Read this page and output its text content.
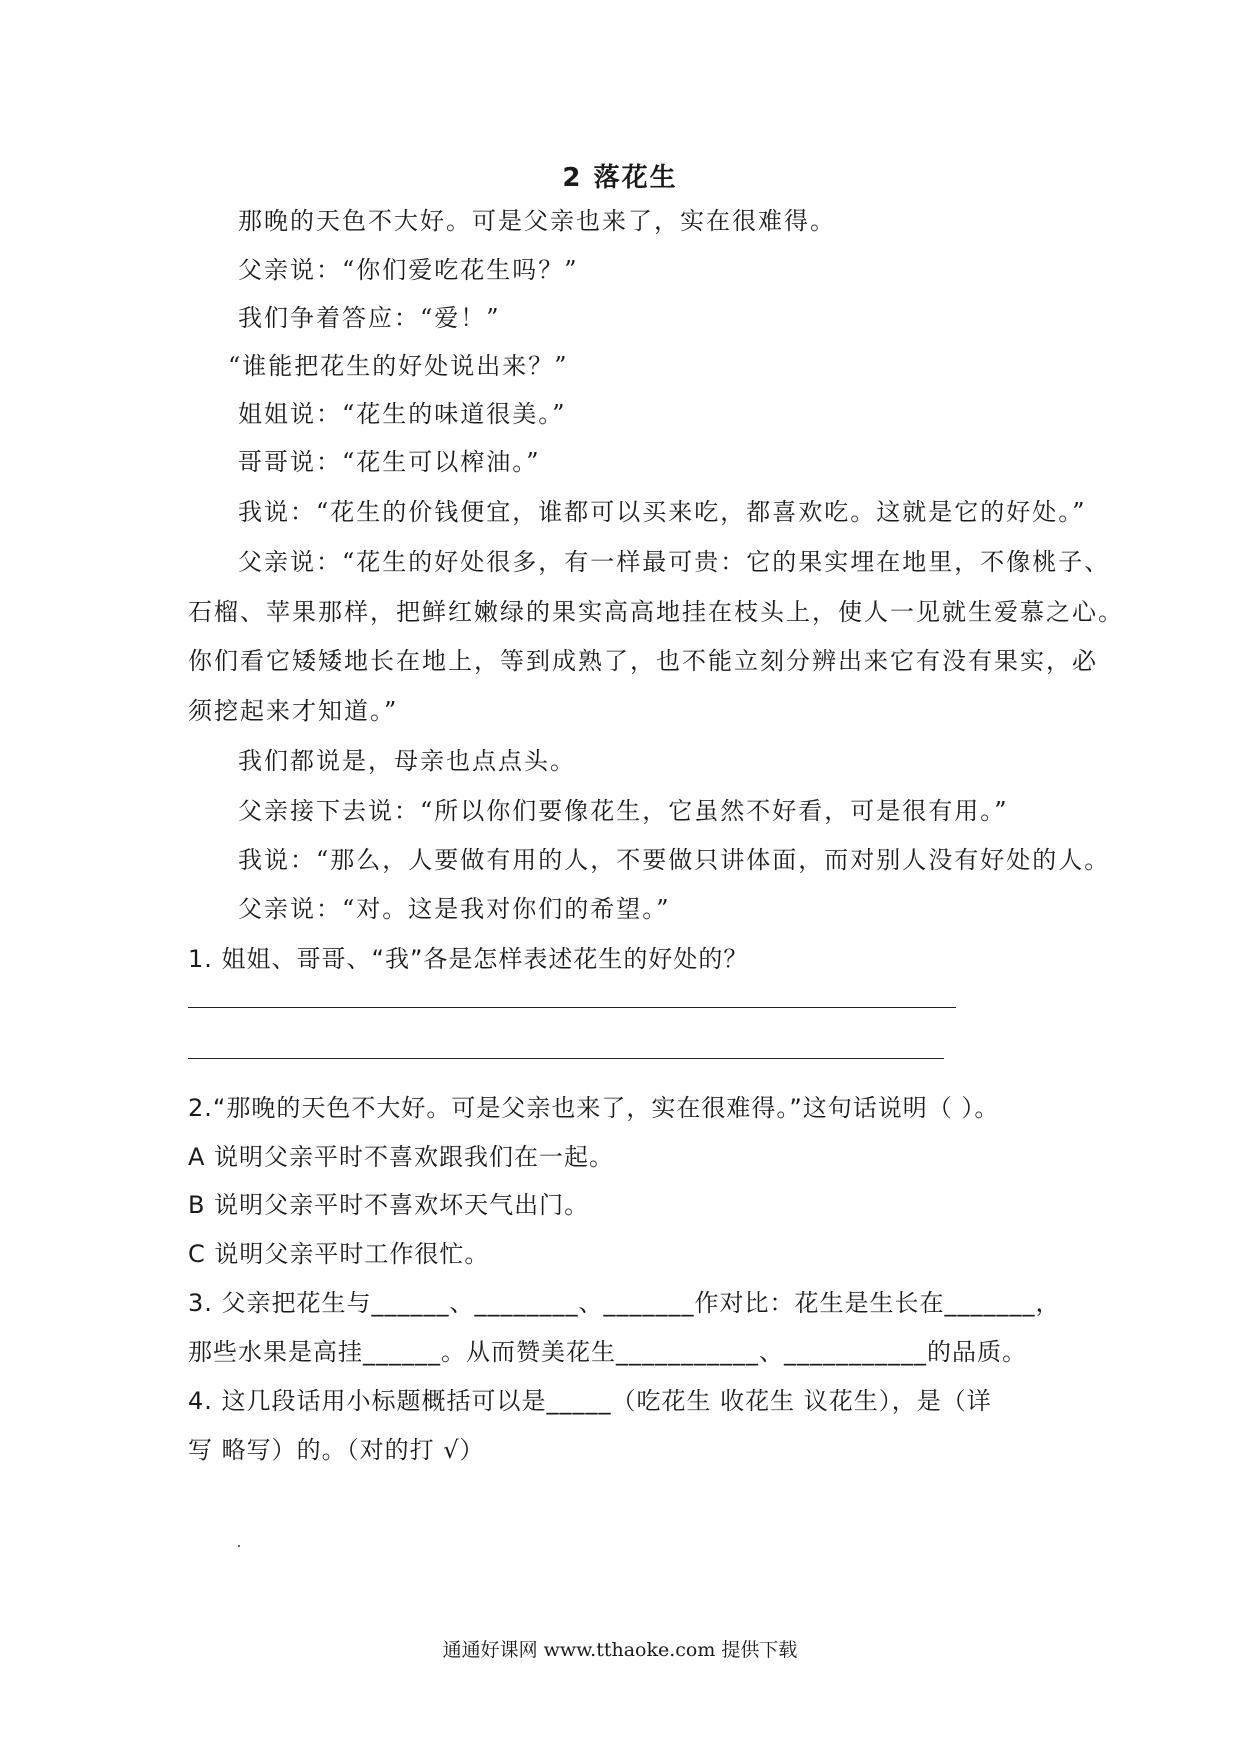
2 落花生
那晚的天色不大好。可是父亲也来了，实在很难得。
父亲说：“你们爱吃花生吗？”
我们争着答应：“爱！”
“谁能把花生的好处说出来？”
姐姐说：“花生的味道很美。”
哥哥说：“花生可以榨油。”
我说：“花生的价钱便宜，谁都可以买来吃，都喜欢吃。这就是它的好处。”
父亲说：“花生的好处很多，有一样最可贵：它的果实埋在地里，不像桃子、
石榴、苹果那样，把鲜红嫩绿的果实高高地挂在枝头上，使人一见就生爱慕之心。
你们看它矮矮地长在地上，等到成熟了，也不能立刻分辨出来它有没有果实，必
须挖起来才知道。”
我们都说是，母亲也点点头。
父亲接下去说：“所以你们要像花生，它虽然不好看，可是很有用。”
我说：“那么，人要做有用的人，不要做只讲体面，而对别人没有好处的人。
父亲说：“对。这是我对你们的希望。”
1. 姐姐、哥哥、“我”各是怎样表述花生的好处的？
2.“那晚的天色不大好。可是父亲也来了，实在很难得。”这句话说明（ ）。
A 说明父亲平时不喜欢跟我们在一起。
B 说明父亲平时不喜欢坏天气出门。
C 说明父亲平时工作很忙。
3. 父亲把花生与______、________、_______作对比：花生是生长在_______，
那些水果是高挂______。从而赞美花生___________、___________的品质。
4. 这几段话用小标题概括可以是_____（吃花生 收花生 议花生），是（详
写 略写）的。（对的打 √）
通通好课网 www.tthaoke.com 提供下载
